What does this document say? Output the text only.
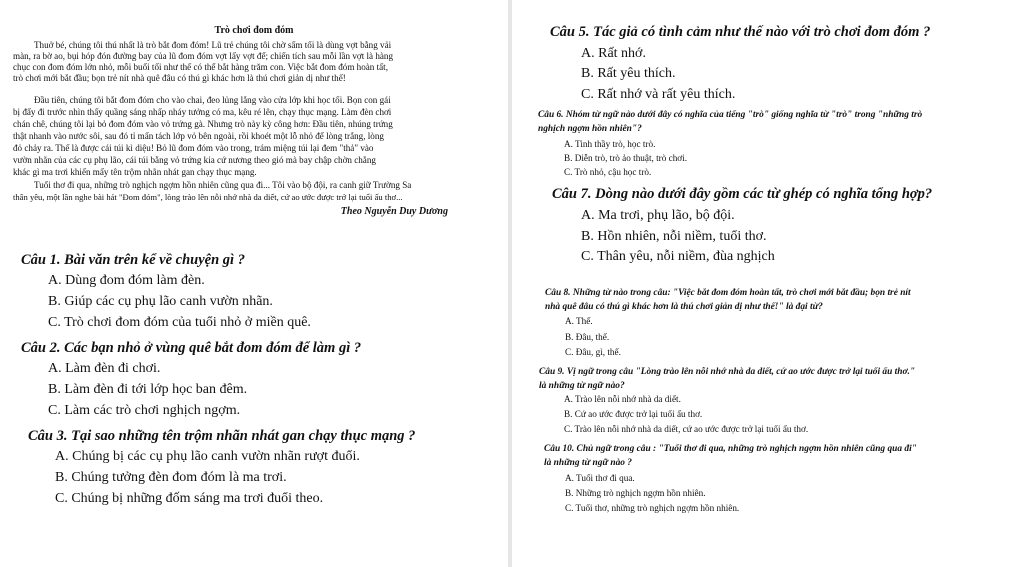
Trò chơi đom đóm
Thuở bé, chúng tôi thú nhất là trò bắt đom đóm! Lũ trẻ chúng tôi chờ sẩm tối là dùng vợt bằng vải
màn, ra bờ ao, bụi hóp đón đường bay của lũ đom đóm vợt lấy vợt để; chiến tích sau mỗi lần vợt là hàng
chục con đom đóm lớn nhỏ, mỗi buổi tối như thế có thể bắt hàng trăm con. Việc bắt đom đóm hoàn tất,
trò chơi mới bắt đầu; bọn trẻ nít nhà quê đâu có thú gì khác hơn là thú chơi giản dị như thế!
Đầu tiên, chúng tôi bắt đom đóm cho vào chai, đeo lủng lẳng vào cửa lớp khi học tối. Bọn con gái
bị đẩy đi trước nhìn thấy quầng sáng nhấp nháy tưởng có ma, kêu ré lên, chạy thục mạng. Làm đèn chơi
chán chê, chúng tôi lại bỏ đom đóm vào vỏ trứng gà. Nhưng trò này kỳ công hơn: Đầu tiên, nhúng trứng
thật nhanh vào nước sôi, sau đó tỉ mẩn tách lớp vỏ bên ngoài, rồi khoét một lỗ nhỏ để lòng trắng, lòng
đỏ chảy ra. Thế là được cái túi kì diệu! Bỏ lũ đom đóm vào trong, trám miệng túi lại đem "thả" vào
vườn nhãn của các cụ phụ lão, cái túi bằng vỏ trứng kia cứ nương theo gió mà bay chập chờn chẳng
khác gì ma trơi khiến mấy tên trộm nhãn nhát gan chạy thục mạng.
Tuổi thơ đi qua, những trò nghịch ngợm hồn nhiên cũng qua đi... Tôi vào bộ đội, ra canh giữ Trường Sa
thân yêu, một lần nghe bài hát "Đom đóm", lòng trào lên nỗi nhớ nhà da diết, cứ ao ước được trở lại tuổi ấu thơ...
Theo Nguyễn Duy Dương
Câu 1. Bài văn trên kể về chuyện gì ?
A. Dùng đom đóm làm đèn.
B. Giúp các cụ phụ lão canh vườn nhãn.
C. Trò chơi đom đóm của tuổi nhỏ ở miền quê.
Câu 2. Các bạn nhỏ ở vùng quê bắt đom đóm để làm gì ?
A. Làm đèn đi chơi.
B. Làm đèn đi tới lớp học ban đêm.
C. Làm các trò chơi nghịch ngợm.
Câu 3. Tại sao những tên trộm nhãn nhát gan chạy thục mạng ?
A. Chúng bị các cụ phụ lão canh vườn nhãn rượt đuổi.
B. Chúng tưởng đèn đom đóm là ma trơi.
C. Chúng bị những đốm sáng ma trơi đuổi theo.
Câu 5. Tác giả có tình cảm như thế nào với trò chơi đom đóm ?
A. Rất nhớ.
B. Rất yêu thích.
C. Rất nhớ và rất yêu thích.
Câu 6. Nhóm từ ngữ nào dưới đây có nghĩa của tiếng "trò" giống nghĩa từ "trò" trong "những trò
nghịch ngợm hồn nhiên"?
A. Tinh thầy trò, học trò.
B. Diễn trò, trò ảo thuật, trò chơi.
C. Trò nhỏ, cậu học trò.
Câu 7. Dòng nào dưới đây gồm các từ ghép có nghĩa tổng hợp?
A. Ma trơi, phụ lão, bộ đội.
B. Hồn nhiên, nỗi niềm, tuổi thơ.
C. Thân yêu, nỗi niềm, đùa nghịch
Câu 8. Những từ nào trong câu: "Việc bắt đom đóm hoàn tất, trò chơi mới bắt đầu; bọn trẻ nít
nhà quê đâu có thú gì khác hơn là thú chơi giản dị như thế!" là đại từ?
A. Thế.
B. Đâu, thế.
C. Đâu, gì, thế.
Câu 9. Vị ngữ trong câu "Lòng trào lên nỗi nhớ nhà da diết, cứ ao ước được trở lại tuổi ấu thơ."
là những từ ngữ nào?
A. Trào lên nỗi nhớ nhà da diết.
B. Cứ ao ước được trở lại tuổi ấu thơ.
C. Trào lên nỗi nhớ nhà da diết, cứ ao ước được trở lại tuổi ấu thơ.
Câu 10. Chủ ngữ trong câu : "Tuổi thơ đi qua, những trò nghịch ngợm hồn nhiên cũng qua đi"
là những từ ngữ nào ?
A. Tuổi thơ đi qua.
B. Những trò nghịch ngợm hồn nhiên.
C. Tuổi thơ, những trò nghịch ngợm hồn nhiên.
